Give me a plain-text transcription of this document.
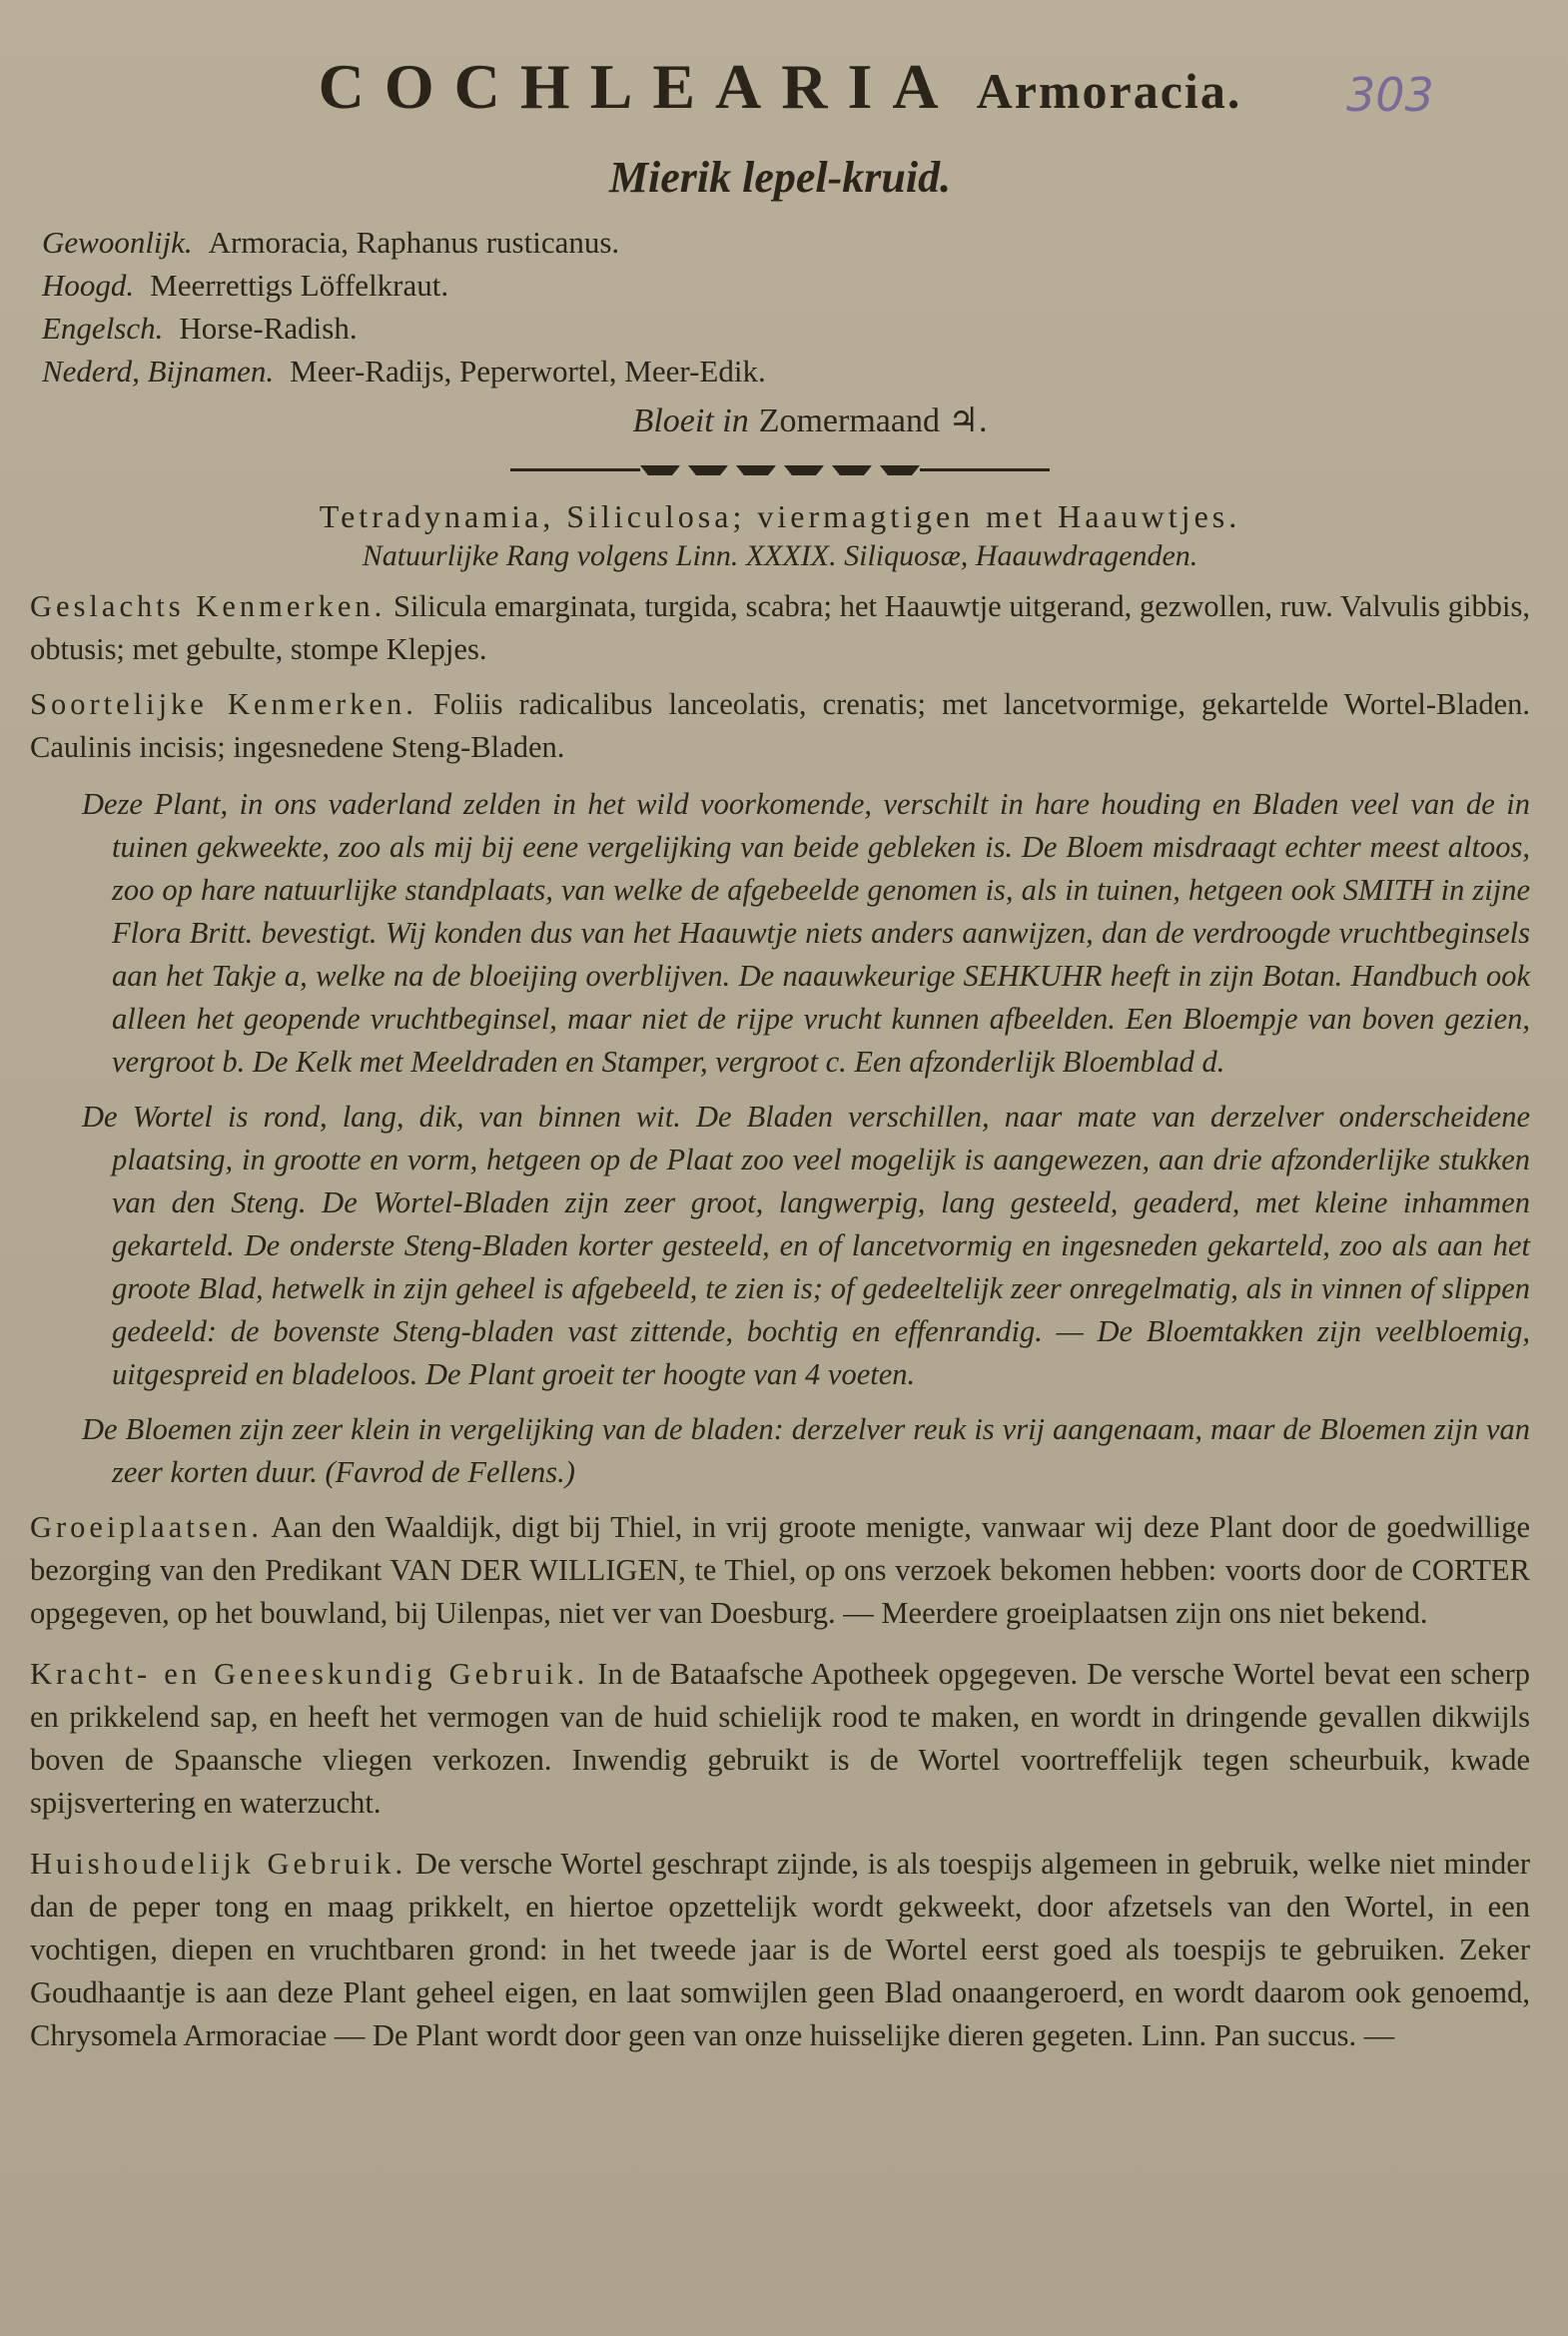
COCHLEARIA Armoracia. 303
Mierik lepel-kruid.
Gewoonlijk. Armoracia, Raphanus rusticanus.
Hoogd. Meerrettigs Löffelkraut.
Engelsch. Horse-Radish.
Nederd, Bijnamen. Meer-Radijs, Peperwortel, Meer-Edik.
Bloeit in Zomermaand ♃.
Tetradynamia, Siliculosa; viermagtigen met Haauwtjes.
Natuurlijke Rang volgens Linn. XXXIX. Siliquosæ, Haauwdragenden.
Geslachts Kenmerken. Silicula emarginata, turgida, scabra; het Haauwtje uitgerand, gezwollen, ruw. Valvulis gibbis, obtusis; met gebulte, stompe Klepjes.
Soortelijke Kenmerken. Foliis radicalibus lanceolatis, crenatis; met lancetvormige, gekartelde Wortel-Bladen. Caulinis incisis; ingesnedene Steng-Bladen.
Deze Plant, in ons vaderland zelden in het wild voorkomende, verschilt in hare houding en Bladen veel van de in tuinen gekweekte, zoo als mij bij eene vergelijking van beide gebleken is. De Bloem misdraagt echter meest altoos, zoo op hare natuurlijke standplaats, van welke de afgebeelde genomen is, als in tuinen, hetgeen ook SMITH in zijne Flora Britt. bevestigt. Wij konden dus van het Haauwtje niets anders aanwijzen, dan de verdroogde vruchtbeginsels aan het Takje a, welke na de bloeijing overblijven. De naauwkeurige SEHKUHR heeft in zijn Botan. Handbuch ook alleen het geopende vruchtbeginsel, maar niet de rijpe vrucht kunnen afbeelden. Een Bloempje van boven gezien, vergroot b. De Kelk met Meeldraden en Stamper, vergroot c. Een afzonderlijk Bloemblad d.
De Wortel is rond, lang, dik, van binnen wit. De Bladen verschillen, naar mate van derzelver onderscheidene plaatsing, in grootte en vorm, hetgeen op de Plaat zoo veel mogelijk is aangewezen, aan drie afzonderlijke stukken van den Steng. De Wortel-Bladen zijn zeer groot, langwerpig, lang gesteeld, geaderd, met kleine inhammen gekarteld. De onderste Steng-Bladen korter gesteeld, en of lancetvormig en ingesneden gekarteld, zoo als aan het groote Blad, hetwelk in zijn geheel is afgebeeld, te zien is; of gedeeltelijk zeer onregelmatig, als in vinnen of slippen gedeeld: de bovenste Steng-bladen vast zittende, bochtig en effenrandig. — De Bloemtakken zijn veelbloemig, uitgespreid en bladeloos. De Plant groeit ter hoogte van 4 voeten.
De Bloemen zijn zeer klein in vergelijking van de bladen: derzelver reuk is vrij aangenaam, maar de Bloemen zijn van zeer korten duur. (Favrod de Fellens.)
Groeiplaatsen. Aan den Waaldijk, digt bij Thiel, in vrij groote menigte, vanwaar wij deze Plant door de goedwillige bezorging van den Predikant VAN DER WILLIGEN, te Thiel, op ons verzoek bekomen hebben: voorts door de CORTER opgegeven, op het bouwland, bij Uilenpas, niet ver van Doesburg. — Meerdere groeiplaatsen zijn ons niet bekend.
Kracht- en Geneeskundig Gebruik. In de Bataafsche Apotheek opgegeven. De versche Wortel bevat een scherp en prikkelend sap, en heeft het vermogen van de huid schielijk rood te maken, en wordt in dringende gevallen dikwijls boven de Spaansche vliegen verkozen. Inwendig gebruikt is de Wortel voortreffelijk tegen scheurbuik, kwade spijsvertering en waterzucht.
Huishoudelijk Gebruik. De versche Wortel geschrapt zijnde, is als toespijs algemeen in gebruik, welke niet minder dan de peper tong en maag prikkelt, en hiertoe opzettelijk wordt gekweekt, door afzetsels van den Wortel, in een vochtigen, diepen en vruchtbaren grond: in het tweede jaar is de Wortel eerst goed als toespijs te gebruiken. Zeker Goudhaantje is aan deze Plant geheel eigen, en laat somwijlen geen Blad onaangeroerd, en wordt daarom ook genoemd, Chrysomela Armoraciae — De Plant wordt door geen van onze huisselijke dieren gegeten. Linn. Pan succus. —
